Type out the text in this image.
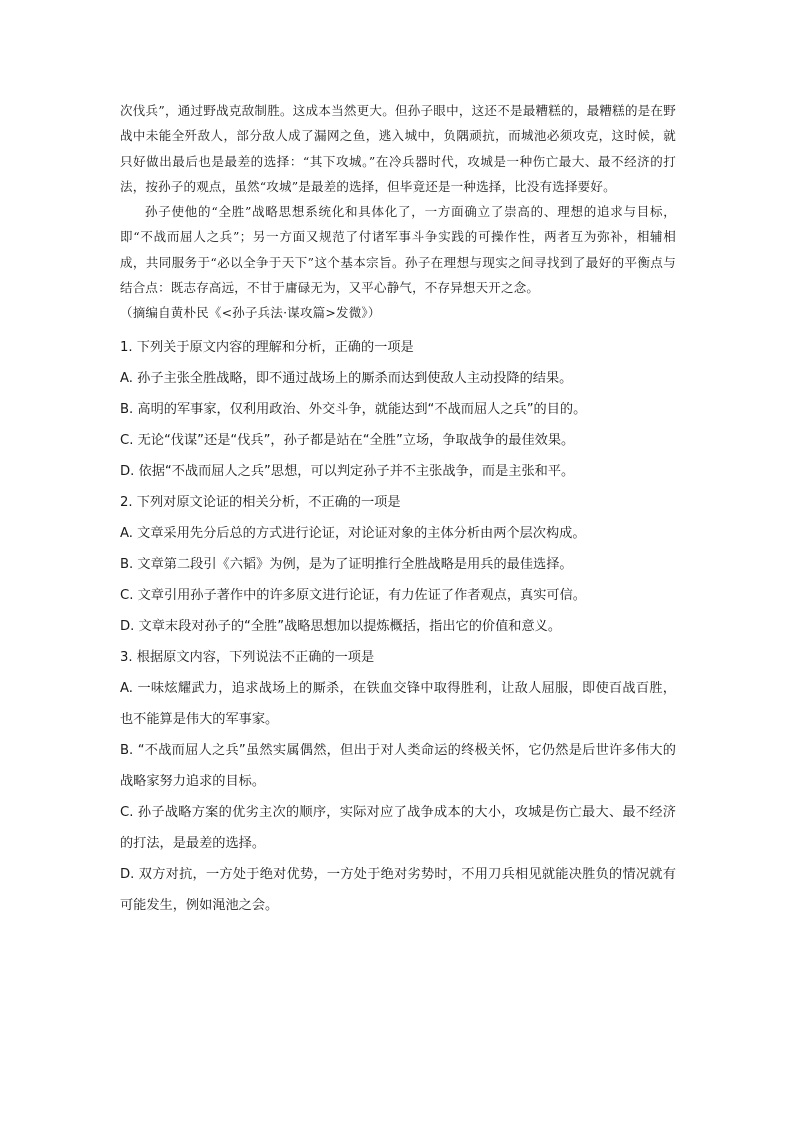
次伐兵”，通过野战克敌制胜。这成本当然更大。但孙子眼中，这还不是最糟糕的，最糟糕的是在野战中未能全歼敌人，部分敌人成了漏网之鱼，逃入城中，负隅顽抗，而城池必须攻克，这时候，就只好做出最后也是最差的选择：“其下攻城。”在冷兵器时代，攻城是一种伤亡最大、最不经济的打法，按孙子的观点，虽然“攻城”是最差的选择，但毕竟还是一种选择，比没有选择要好。

孙子使他的“全胜”战略思想系统化和具体化了，一方面确立了崇高的、理想的追求与目标，即“不战而屈人之兵”；另一方面又规范了付诸军事斗争实践的可操作性，两者互为弥补，相辅相成，共同服务于“必以全争于天下”这个基本宗旨。孙子在理想与现实之间寻找到了最好的平衡点与结合点：既志存高远，不甘于庸碌无为，又平心静气，不存异想天开之念。

（摘编自黄朴民《<孙子兵法·谋攻篇>发微》）

1. 下列关于原文内容的理解和分析，正确的一项是

A. 孙子主张全胜战略，即不通过战场上的厮杀而达到使敌人主动投降的结果。

B. 高明的军事家，仅利用政治、外交斗争，就能达到“不战而屈人之兵”的目的。

C. 无论“伐谋”还是“伐兵”，孙子都是站在“全胜”立场，争取战争的最佳效果。

D. 依据“不战而屈人之兵”思想，可以判定孙子并不主张战争，而是主张和平。

2. 下列对原文论证的相关分析，不正确的一项是

A. 文章采用先分后总的方式进行论证，对论证对象的主体分析由两个层次构成。

B. 文章第二段引《六韬》为例，是为了证明推行全胜战略是用兵的最佳选择。

C. 文章引用孙子著作中的许多原文进行论证，有力佐证了作者观点，真实可信。

D. 文章末段对孙子的“全胜”战略思想加以提炼概括，指出它的价值和意义。

3. 根据原文内容，下列说法不正确的一项是

A. 一味炫耀武力，追求战场上的厮杀，在铁血交锋中取得胜利，让敌人屈服，即使百战百胜，也不能算是伟大的军事家。

B. “不战而屈人之兵”虽然实属偶然，但出于对人类命运的终极关怀，它仍然是后世许多伟大的战略家努力追求的目标。

C. 孙子战略方案的优劣主次的顺序，实际对应了战争成本的大小，攻城是伤亡最大、最不经济的打法，是最差的选择。

D. 双方对抗，一方处于绝对优势，一方处于绝对劣势时，不用刀兵相见就能决胜负的情况就有可能发生，例如渑池之会。
